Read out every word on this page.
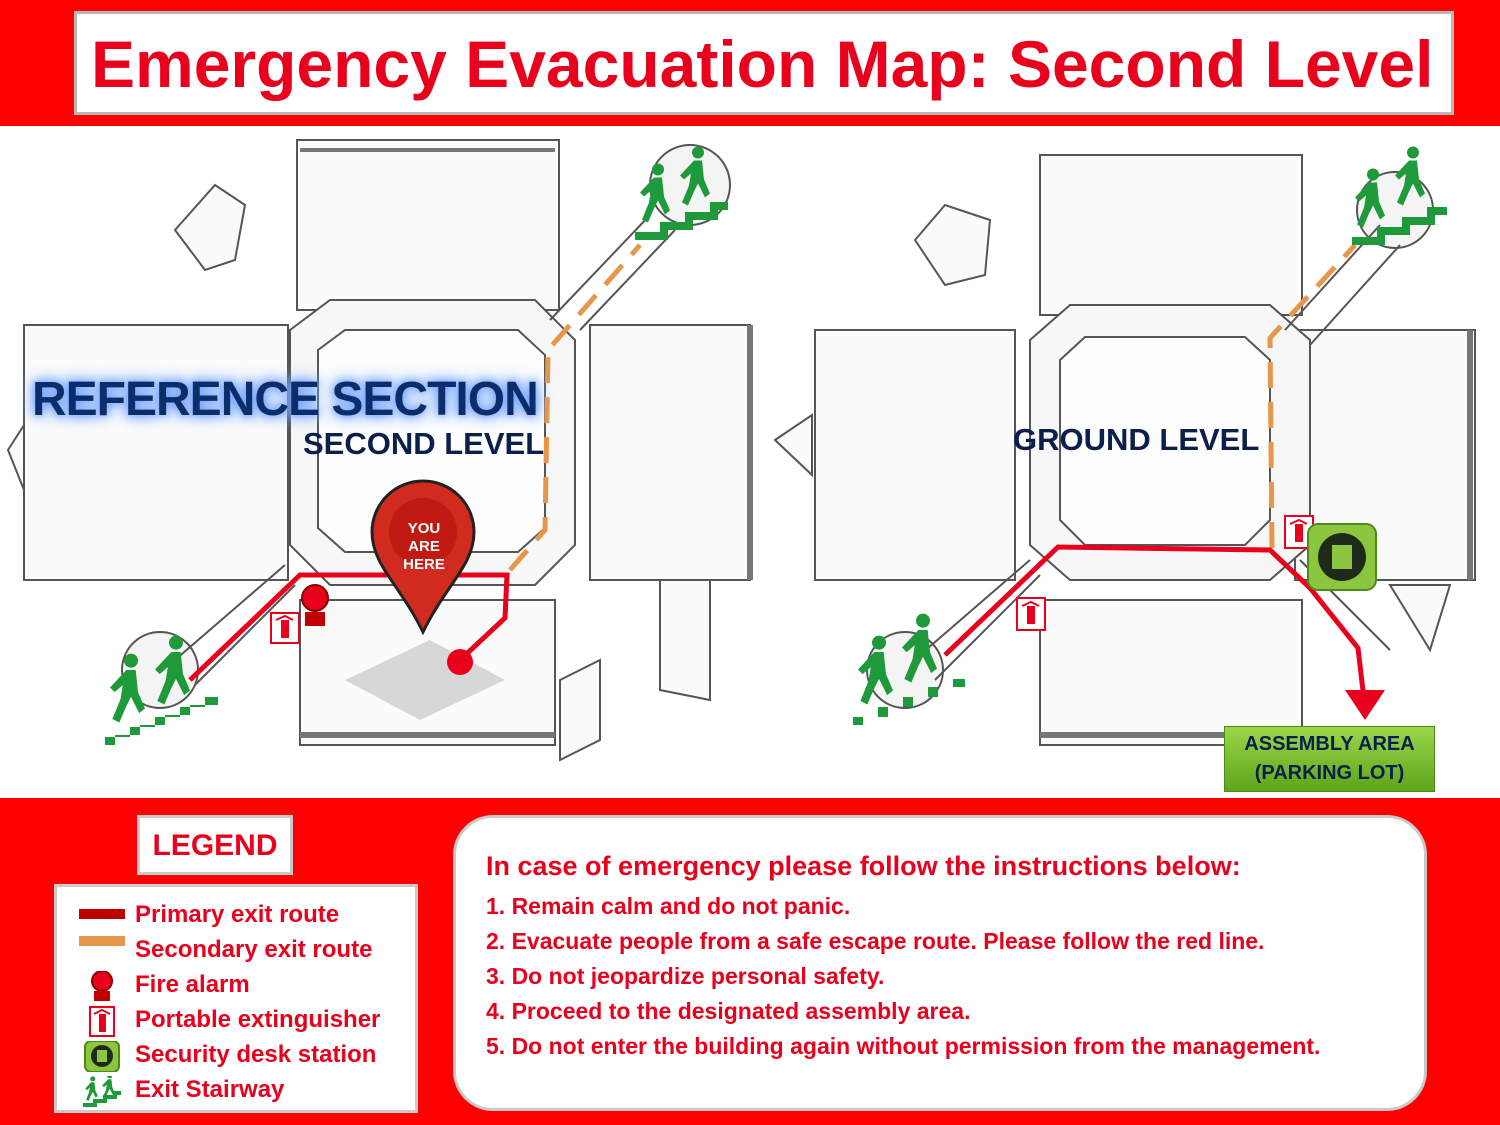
Emergency Evacuation Map: Second Level
REFERENCE SECTION
SECOND LEVEL	GROUND LEVEL
YOU
ARE
HERE
ASSEMBLY AREA
(PARKING LOT)
LEGEND
Primary exit route
Secondary exit route
Fire alarm
Portable extinguisher
Security desk station
Exit Stairway
In case of emergency please follow the instructions below:
1. Remain calm and do not panic.
2. Evacuate people from a safe escape route. Please follow the red line.
3. Do not jeopardize personal safety.
4. Proceed to the designated assembly area.
5. Do not enter the building again without permission from the management.
